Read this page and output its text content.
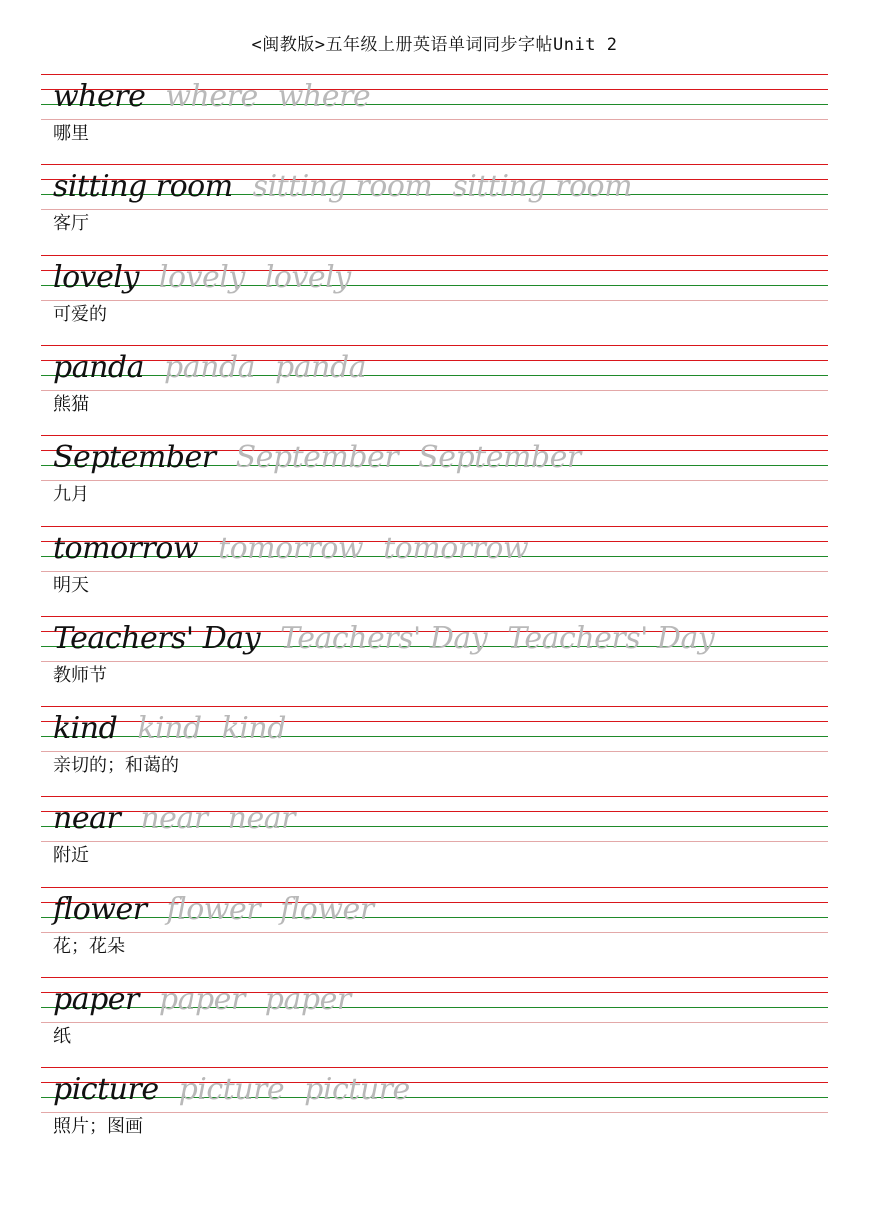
<闽教版>五年级上册英语单词同步字帖Unit 2
where where where
哪里
sitting room sitting room sitting room
客厅
lovely lovely lovely
可爱的
panda panda panda
熊猫
September September September
九月
tomorrow tomorrow tomorrow
明天
Teachers' Day Teachers' Day Teachers' Day
教师节
kind kind kind
亲切的；和蔼的
near near near
附近
flower flower flower
花；花朵
paper paper paper
纸
picture picture picture
照片；图画
